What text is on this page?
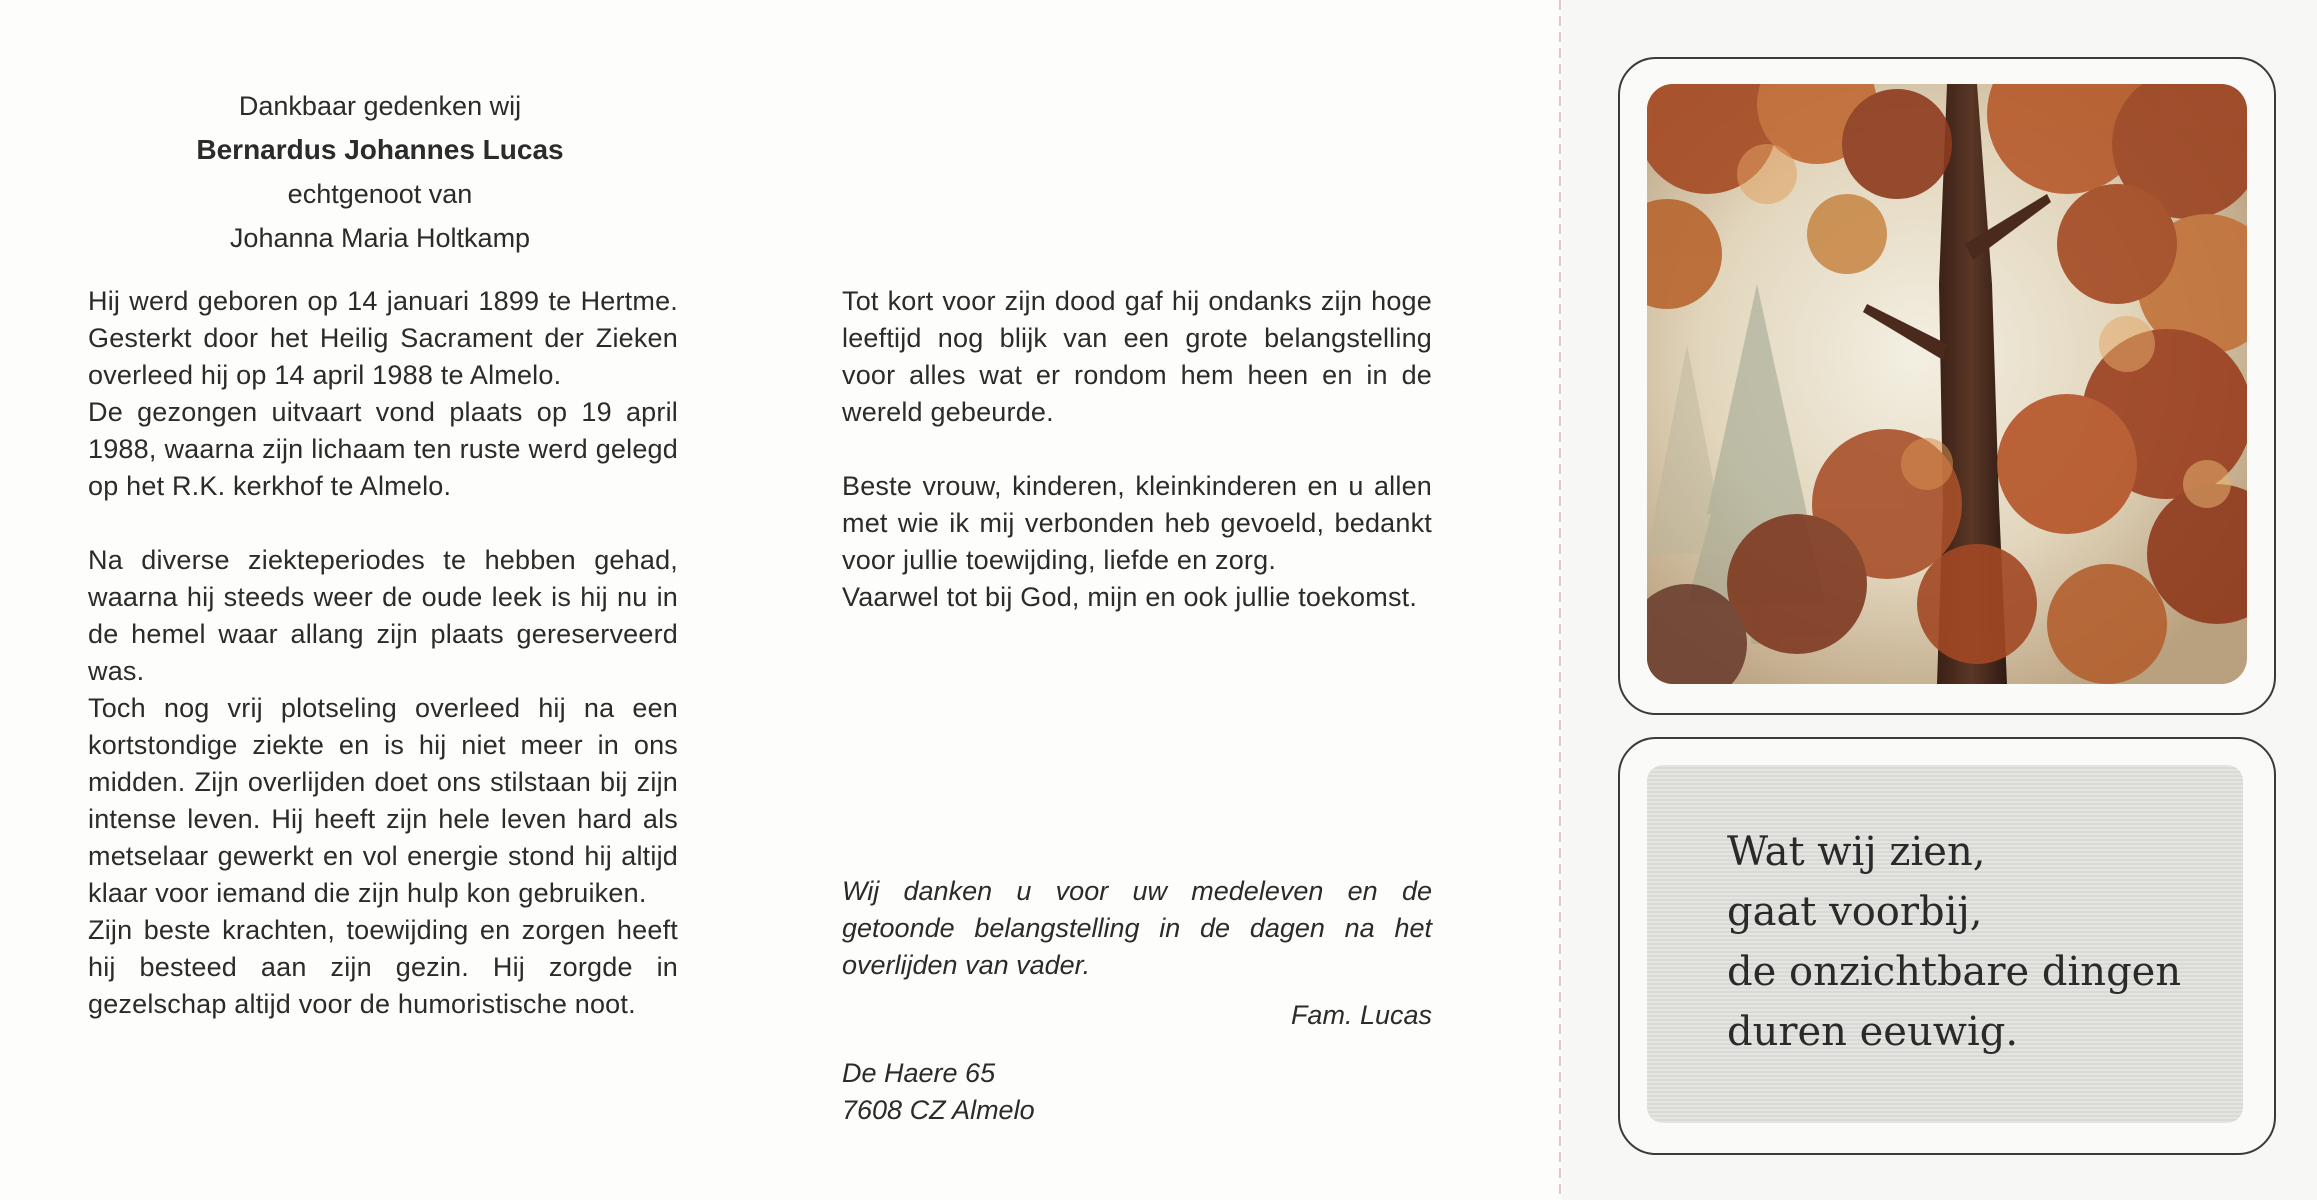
Dankbaar gedenken wij
Bernardus Johannes Lucas
echtgenoot van
Johanna Maria Holtkamp

Hij werd geboren op 14 januari 1899 te Hertme. Gesterkt door het Heilig Sacrament der Zieken overleed hij op 14 april 1988 te Almelo.

De gezongen uitvaart vond plaats op 19 april 1988, waarna zijn lichaam ten ruste werd gelegd op het R.K. kerkhof te Almelo.

Na diverse ziekteperiodes te hebben gehad, waarna hij steeds weer de oude leek is hij nu in de hemel waar allang zijn plaats gereserveerd was.

Toch nog vrij plotseling overleed hij na een kortstondige ziekte en is hij niet meer in ons midden. Zijn overlijden doet ons stilstaan bij zijn intense leven. Hij heeft zijn hele leven hard als metselaar gewerkt en vol energie stond hij altijd klaar voor iemand die zijn hulp kon gebruiken.

Zijn beste krachten, toewijding en zorgen heeft hij besteed aan zijn gezin. Hij zorgde in gezelschap altijd voor de humoristische noot.

Tot kort voor zijn dood gaf hij ondanks zijn hoge leeftijd nog blijk van een grote belangstelling voor alles wat er rondom hem heen en in de wereld gebeurde.

Beste vrouw, kinderen, kleinkinderen en u allen met wie ik mij verbonden heb gevoeld, bedankt voor jullie toewijding, liefde en zorg.

Vaarwel tot bij God, mijn en ook jullie toekomst.

Wij danken u voor uw medeleven en de getoonde belangstelling in de dagen na het overlijden van vader.

Fam. Lucas
De Haere 65
7608 CZ Almelo
Wat wij zien,
gaat voorbij,
de onzichtbare dingen
duren eeuwig.
